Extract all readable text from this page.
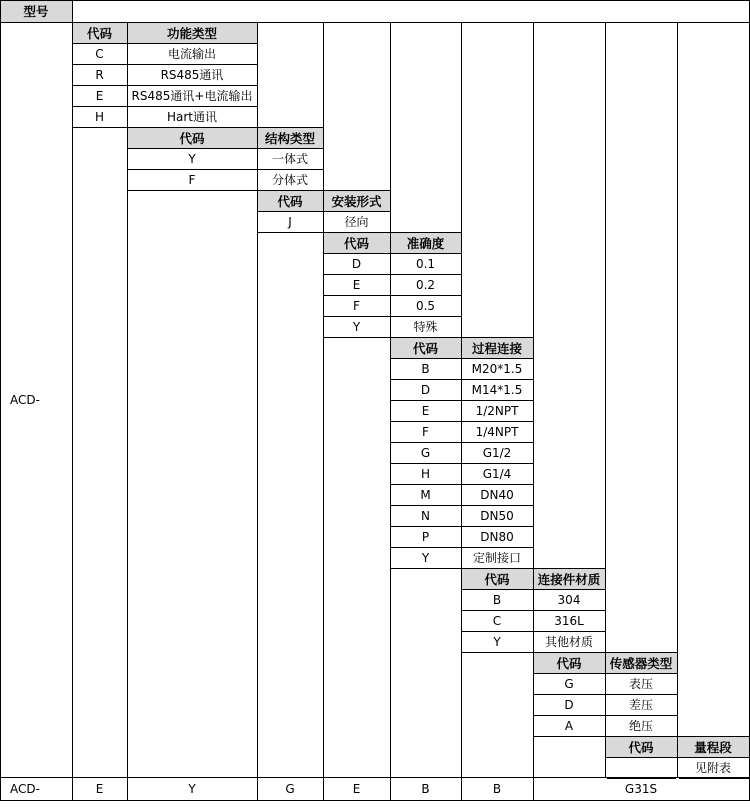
型号
ACD-
代码	功能类型
C	电流输出
R	RS485通讯
E	RS485通讯+电流输出
H	Hart通讯
代码	结构类型
Y	一体式
F	分体式
代码	安装形式
J	径向
代码	准确度
D	0.1
E	0.2
F	0.5
Y	特殊
代码	过程连接
B	M20*1.5
D	M14*1.5
E	1/2NPT
F	1/4NPT
G	G1/2
H	G1/4
M	DN40
N	DN50
P	DN80
Y	定制接口
代码	连接件材质
B	304
C	316L
Y	其他材质
代码	传感器类型
G	表压
D	差压
A	绝压
代码	量程段
见附表
ACD-	E	Y	G	E	B	B	G31S
